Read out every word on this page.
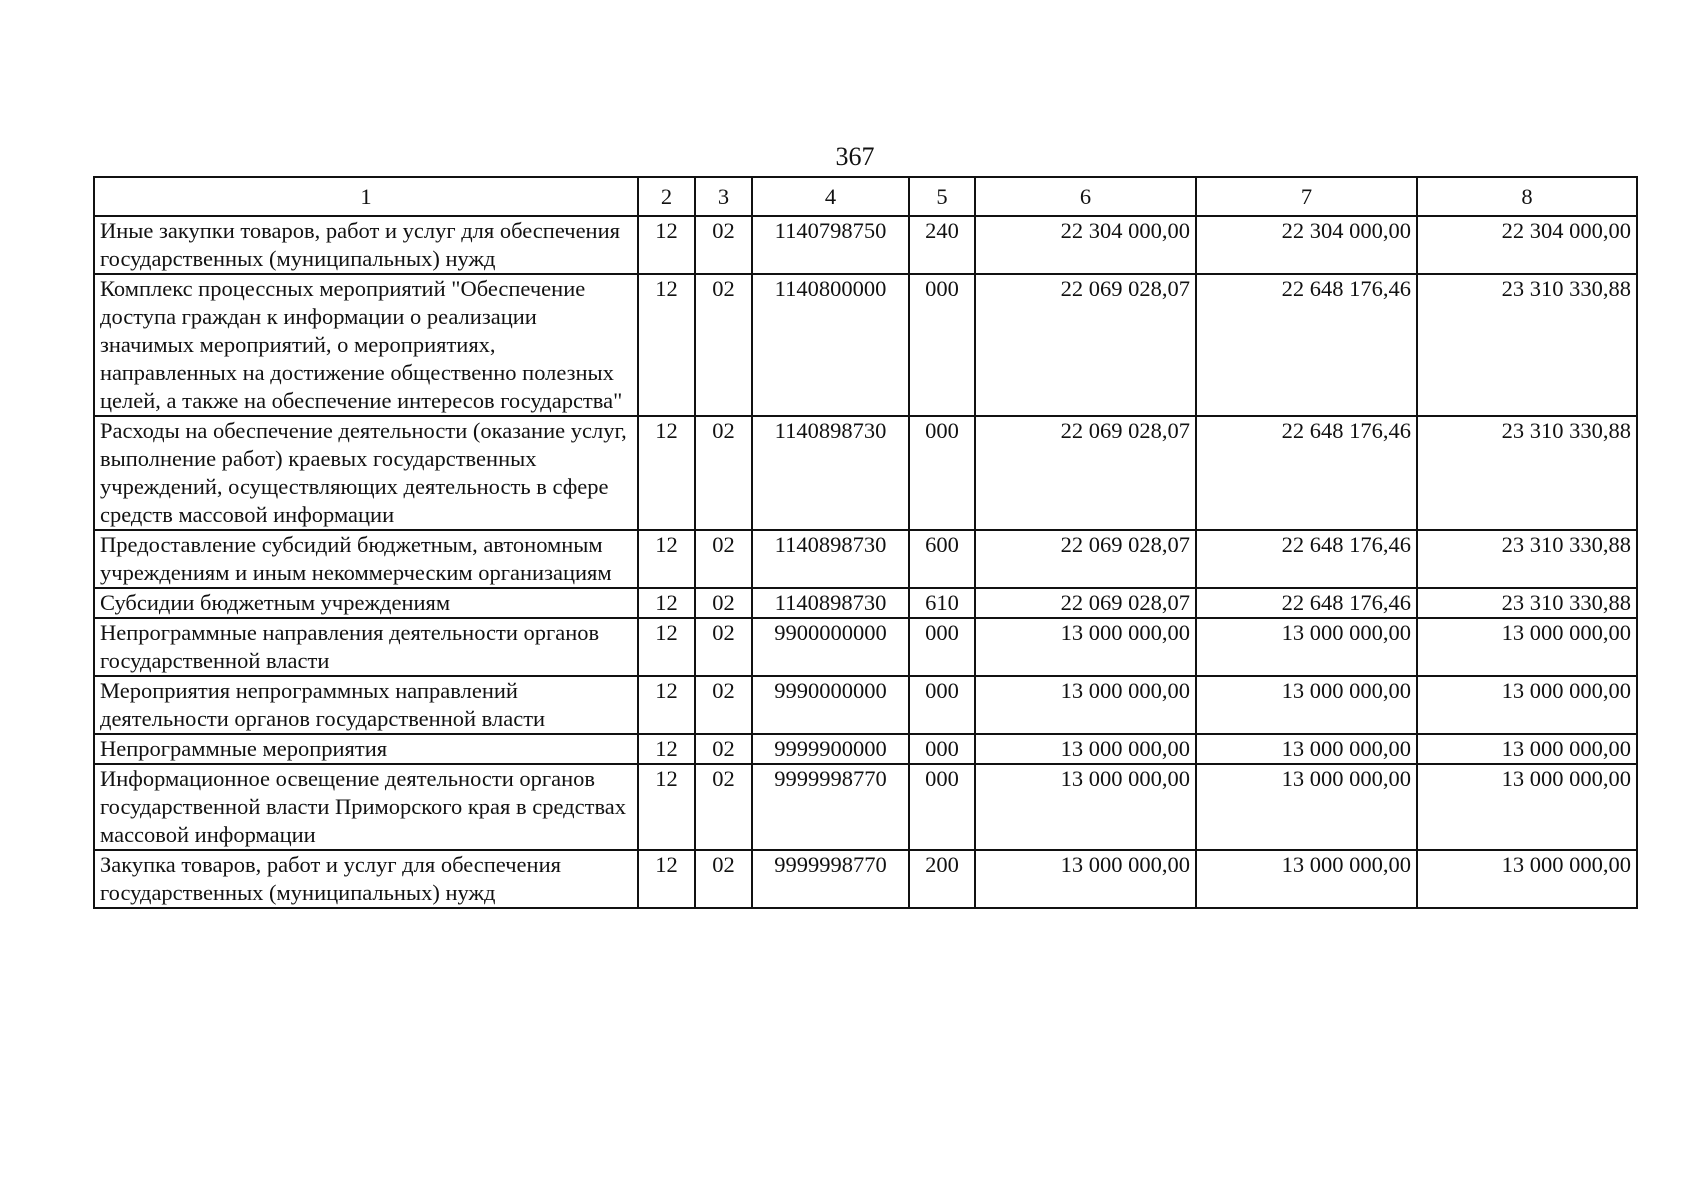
367
1	2	3	4	5	6	7	8
Иные закупки товаров, работ и услуг для обеспечения государственных (муниципальных) нужд	12	02	1140798750	240	22 304 000,00	22 304 000,00	22 304 000,00
Комплекс процессных мероприятий "Обеспечение доступа граждан к информации о реализации значимых мероприятий, о мероприятиях, направленных на достижение общественно полезных целей, а также на обеспечение интересов государства"	12	02	1140800000	000	22 069 028,07	22 648 176,46	23 310 330,88
Расходы на обеспечение деятельности (оказание услуг, выполнение работ) краевых государственных учреждений, осуществляющих деятельность в сфере средств массовой информации	12	02	1140898730	000	22 069 028,07	22 648 176,46	23 310 330,88
Предоставление субсидий бюджетным, автономным учреждениям и иным некоммерческим организациям	12	02	1140898730	600	22 069 028,07	22 648 176,46	23 310 330,88
Субсидии бюджетным учреждениям	12	02	1140898730	610	22 069 028,07	22 648 176,46	23 310 330,88
Непрограммные направления деятельности органов государственной власти	12	02	9900000000	000	13 000 000,00	13 000 000,00	13 000 000,00
Мероприятия непрограммных направлений деятельности органов государственной власти	12	02	9990000000	000	13 000 000,00	13 000 000,00	13 000 000,00
Непрограммные мероприятия	12	02	9999900000	000	13 000 000,00	13 000 000,00	13 000 000,00
Информационное освещение деятельности органов государственной власти Приморского края в средствах массовой информации	12	02	9999998770	000	13 000 000,00	13 000 000,00	13 000 000,00
Закупка товаров, работ и услуг для обеспечения государственных (муниципальных) нужд	12	02	9999998770	200	13 000 000,00	13 000 000,00	13 000 000,00
